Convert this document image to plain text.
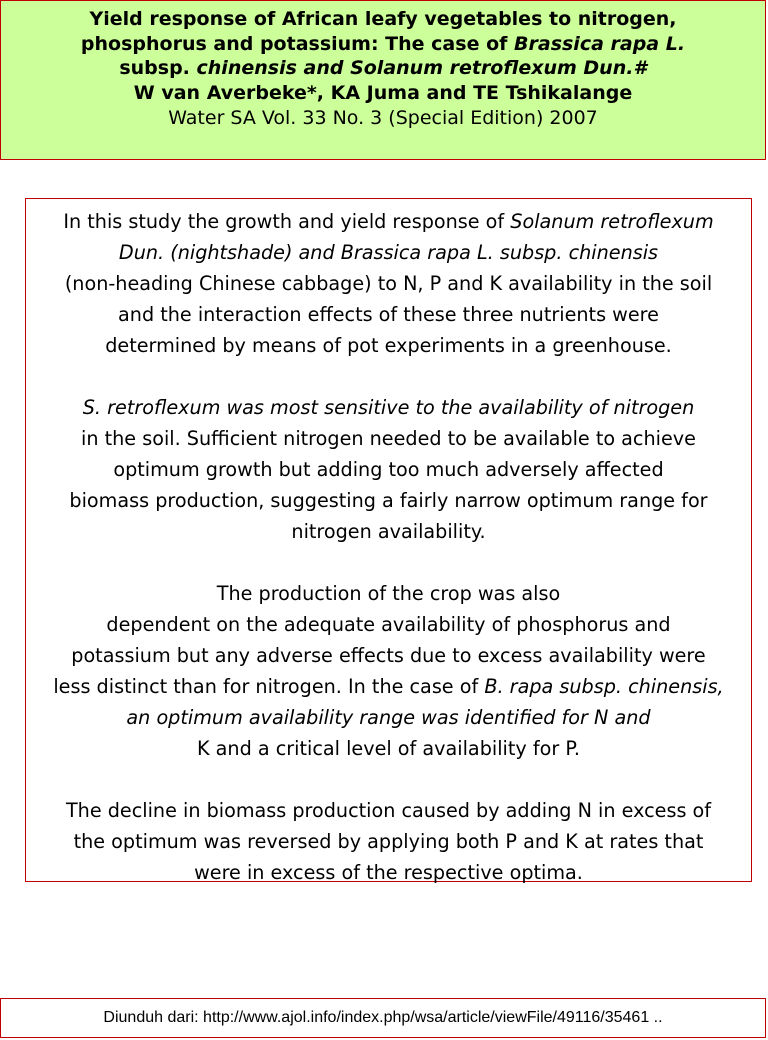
Yield response of African leafy vegetables to nitrogen,
phosphorus and potassium: The case of Brassica rapa L.
subsp. chinensis and Solanum retroflexum Dun.#
W van Averbeke*, KA Juma and TE Tshikalange
Water SA Vol. 33 No. 3 (Special Edition) 2007
In this study the growth and yield response of Solanum retroflexum
Dun. (nightshade) and Brassica rapa L. subsp. chinensis
(non-heading Chinese cabbage) to N, P and K availability in the soil
and the interaction effects of these three nutrients were
determined by means of pot experiments in a greenhouse.
S. retroflexum was most sensitive to the availability of nitrogen
in the soil. Sufficient nitrogen needed to be available to achieve
optimum growth but adding too much adversely affected
biomass production, suggesting a fairly narrow optimum range for
nitrogen availability.
The production of the crop was also
dependent on the adequate availability of phosphorus and
potassium but any adverse effects due to excess availability were
less distinct than for nitrogen. In the case of B. rapa subsp. chinensis,
an optimum availability range was identified for N and
K and a critical level of availability for P.
The decline in biomass production caused by adding N in excess of
the optimum was reversed by applying both P and K at rates that
were in excess of the respective optima.
Diunduh dari: http://www.ajol.info/index.php/wsa/article/viewFile/49116/35461 ..
